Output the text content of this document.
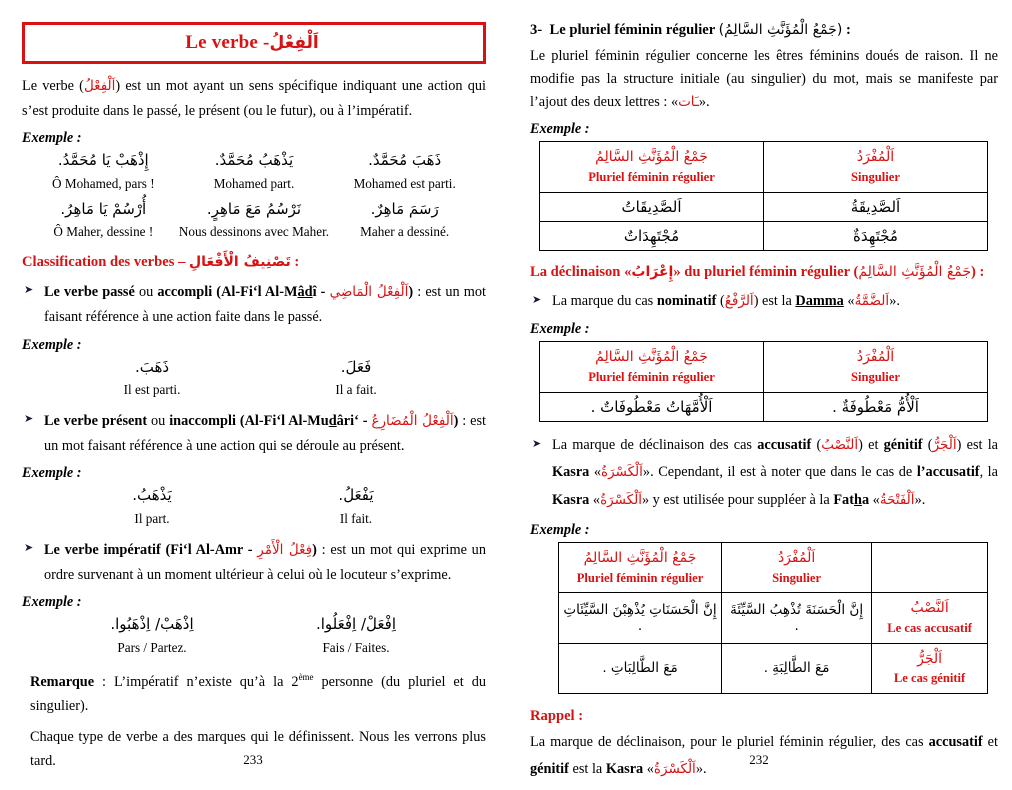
Le verbe - اَلْفِعْلُ

Le verbe (اَلْفِعْلُ) est un mot ayant un sens spécifique indiquant une action qui s’est produite dans le passé, le présent (ou le futur), ou à l’impératif.

Exemple :
ذَهَبَ مُحَمَّدٌ.
Mohamed est parti.
يَذْهَبُ مُحَمَّدٌ.
Mohamed part.
إِذْهَبْ يَا مُحَمَّدُ.
Ô Mohamed, pars !
رَسَمَ مَاهِرٌ.
Maher a dessiné.
نَرْسُمُ مَعَ مَاهِرٍ.
Nous dessinons avec Maher.
أُرْسُمْ يَا مَاهِرُ.
Ô Maher, dessine !
Classification des verbes – تَصْنِيفُ الْأَفْعَالِ :
➤ Le verbe passé ou accompli (Al-Fi‘l Al-Mâdî - اَلْفِعْلُ الْمَاضِي) : est un mot faisant référence à une action faite dans le passé.
Exemple :
فَعَلَ.
Il a fait.
ذَهَبَ.
Il est parti.
➤ Le verbe présent ou inaccompli (Al-Fi‘l Al-Mudâri‘ - اَلْفِعْلُ الْمُضَارِعُ) : est un mot faisant référence à une action qui se déroule au présent.
Exemple :
يَفْعَلُ.
Il fait.
يَذْهَبُ.
Il part.
➤ Le verbe impératif (Fi‘l Al-Amr - فِعْلُ الْأَمْرِ) : est un mot qui exprime un ordre survenant à un moment ultérieur à celui où le locuteur s’exprime.
Exemple :
اِفْعَلْ/ اِفْعَلُوا.
Fais / Faites.
اِذْهَبْ/ اِذْهَبُوا.
Pars / Partez.

Remarque : L’impératif n’existe qu’à la 2ème personne (du pluriel et du singulier).

Chaque type de verbe a des marques qui le définissent. Nous les verrons plus tard.

3- Le pluriel féminin régulier (جَمْعُ الْمُؤَنَّثِ السَّالِمُ) :

Le pluriel féminin régulier concerne les êtres féminins doués de raison. Il ne modifie pas la structure initiale (au singulier) du mot, mais se manifeste par l’ajout des deux lettres : «ـَات».

Exemple :
جَمْعُ الْمُؤَنَّثِ السَّالِمُ
Pluriel féminin régulier

اَلْمُفْرَدُ
Singulier

اَلصَّدِيقَاتُ	اَلصَّدِيقَةُ
مُجْتَهِدَاتٌ	مُجْتَهِدَةٌ
La déclinaison «إِعْرَابُ» du pluriel féminin régulier (جَمْعُ الْمُؤَنَّثِ السَّالِمُ) :
➤ La marque du cas nominatif (اَلرَّفْعُ) est la Damma «اَلضَّمَّةُ».
Exemple :
جَمْعُ الْمُؤَنَّثِ السَّالِمُ
Pluriel féminin régulier

اَلْمُفْرَدُ
Singulier

اَلْأُمَّهَاتُ مَعْطُوفَاتٌ .	اَلْأُمُّ مَعْطُوفَةٌ .
➤ La marque de déclinaison des cas accusatif (اَلنَّصْبُ) et génitif (اَلْجَرُّ) est la Kasra «اَلْكَسْرَةُ». Cependant, il est à noter que dans le cas de l’accusatif, la Kasra «اَلْكَسْرَةُ» y est utilisée pour suppléer à la Fatha «اَلْفَتْحَةُ».
Exemple :
جَمْعُ الْمُؤَنَّثِ السَّالِمُ
Pluriel féminin régulier

اَلْمُفْرَدُ
Singulier

إِنَّ الْحَسَنَاتِ يُذْهِبْنَ السَّيِّئَاتِ .	إِنَّ الْحَسَنَةَ تُذْهِبُ السَّيِّئَةَ .	اَلنَّصْبُ
Le cas accusatif

مَعَ الطَّالِبَاتِ .	مَعَ الطَّالِبَةِ .	اَلْجَرُّ
Le cas génitif
Rappel :

La marque de déclinaison, pour le pluriel féminin régulier, des cas accusatif et génitif est la Kasra «اَلْكَسْرَةُ».

233	232
